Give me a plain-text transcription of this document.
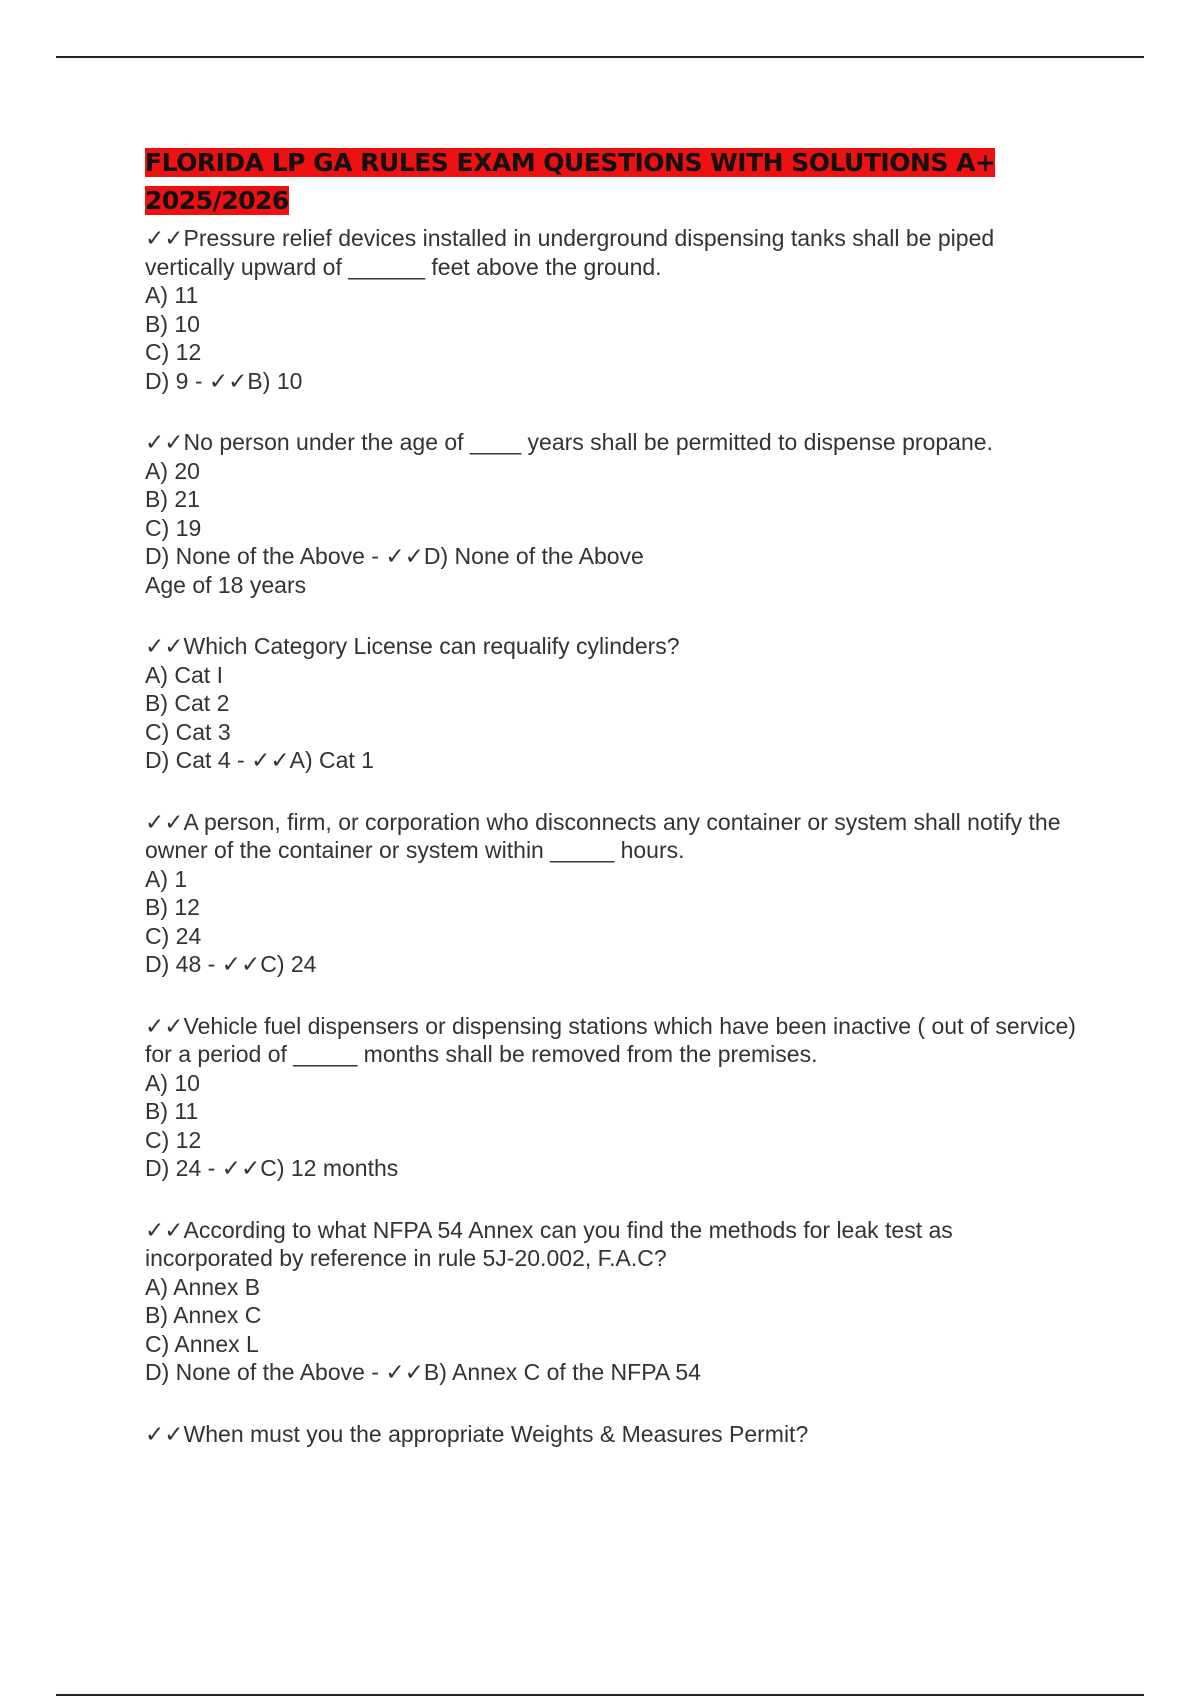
FLORIDA LP GA RULES EXAM QUESTIONS WITH SOLUTIONS A+ 2025/2026
✓✓Pressure relief devices installed in underground dispensing tanks shall be piped vertically upward of ______ feet above the ground.
A) 11
B) 10
C) 12
D) 9 - ✓✓B) 10
✓✓No person under the age of ____ years shall be permitted to dispense propane.
A) 20
B) 21
C) 19
D) None of the Above - ✓✓D) None of the Above
Age of 18 years
✓✓Which Category License can requalify cylinders?
A) Cat I
B) Cat 2
C) Cat 3
D) Cat 4 - ✓✓A) Cat 1
✓✓A person, firm, or corporation who disconnects any container or system shall notify the owner of the container or system within _____ hours.
A) 1
B) 12
C) 24
D) 48 - ✓✓C) 24
✓✓Vehicle fuel dispensers or dispensing stations which have been inactive ( out of service) for a period of _____ months shall be removed from the premises.
A) 10
B) 11
C) 12
D) 24 - ✓✓C) 12 months
✓✓According to what NFPA 54 Annex can you find the methods for leak test as incorporated by reference in rule 5J-20.002, F.A.C?
A) Annex B
B) Annex C
C) Annex L
D) None of the Above - ✓✓B) Annex C of the NFPA 54
✓✓When must you the appropriate Weights & Measures Permit?
